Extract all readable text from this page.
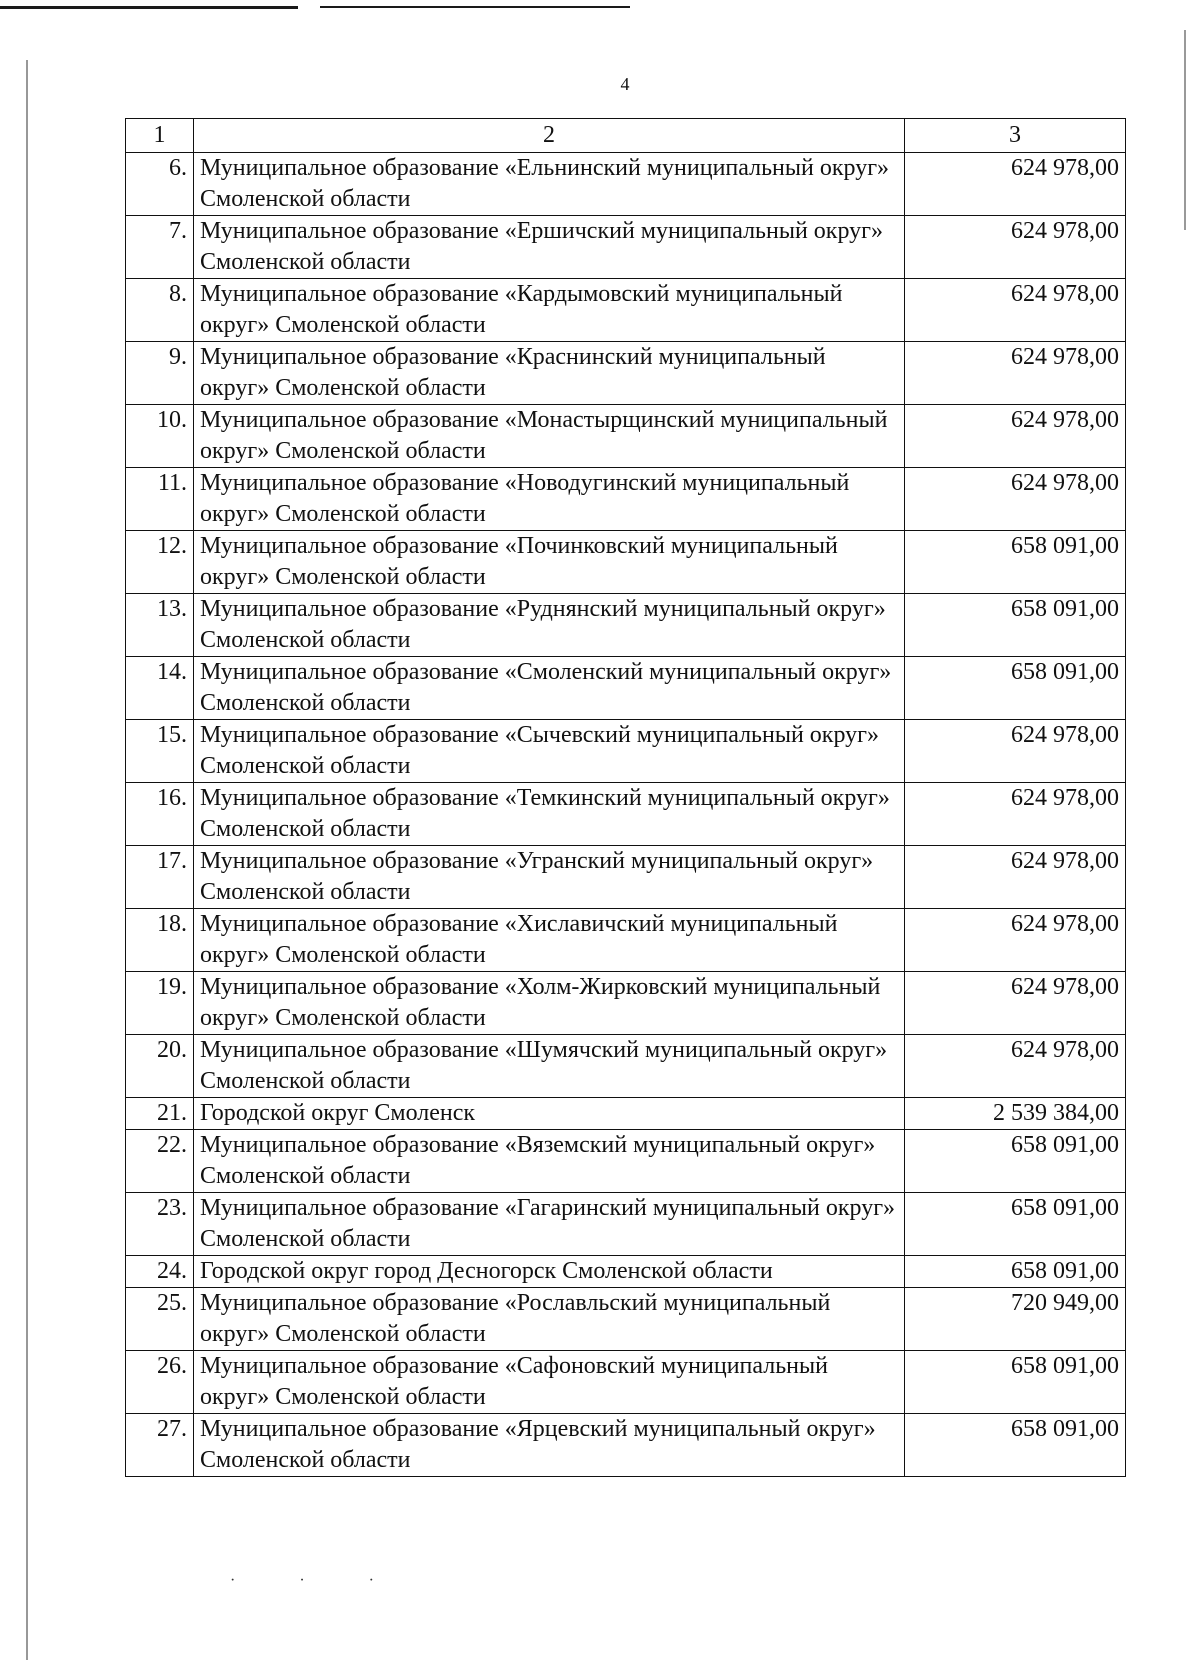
4
1	2	3
6.	Муниципальное образование «Ельнинский муниципальный округ» Смоленской области	624 978,00
7.	Муниципальное образование «Ершичский муниципальный округ» Смоленской области	624 978,00
8.	Муниципальное образование «Кардымовский муниципальный округ» Смоленской области	624 978,00
9.	Муниципальное образование «Краснинский муниципальный округ» Смоленской области	624 978,00
10.	Муниципальное образование «Монастырщинский муниципальный округ» Смоленской области	624 978,00
11.	Муниципальное образование «Новодугинский муниципальный округ» Смоленской области	624 978,00
12.	Муниципальное образование «Починковский муниципальный округ» Смоленской области	658 091,00
13.	Муниципальное образование «Руднянский муниципальный округ» Смоленской области	658 091,00
14.	Муниципальное образование «Смоленский муниципальный округ» Смоленской области	658 091,00
15.	Муниципальное образование «Сычевский муниципальный округ» Смоленской области	624 978,00
16.	Муниципальное образование «Темкинский муниципальный округ» Смоленской области	624 978,00
17.	Муниципальное образование «Угранский муниципальный округ» Смоленской области	624 978,00
18.	Муниципальное образование «Хиславичский муниципальный округ» Смоленской области	624 978,00
19.	Муниципальное образование «Холм-Жирковский муниципальный округ» Смоленской области	624 978,00
20.	Муниципальное образование «Шумячский муниципальный округ» Смоленской области	624 978,00
21.	Городской округ Смоленск	2 539 384,00
22.	Муниципальное образование «Вяземский муниципальный округ» Смоленской области	658 091,00
23.	Муниципальное образование «Гагаринский муниципальный округ» Смоленской области	658 091,00
24.	Городской округ город Десногорск Смоленской области	658 091,00
25.	Муниципальное образование «Рославльский муниципальный округ» Смоленской области	720 949,00
26.	Муниципальное образование «Сафоновский муниципальный округ» Смоленской области	658 091,00
27.	Муниципальное образование «Ярцевский муниципальный округ» Смоленской области	658 091,00
· · ·
